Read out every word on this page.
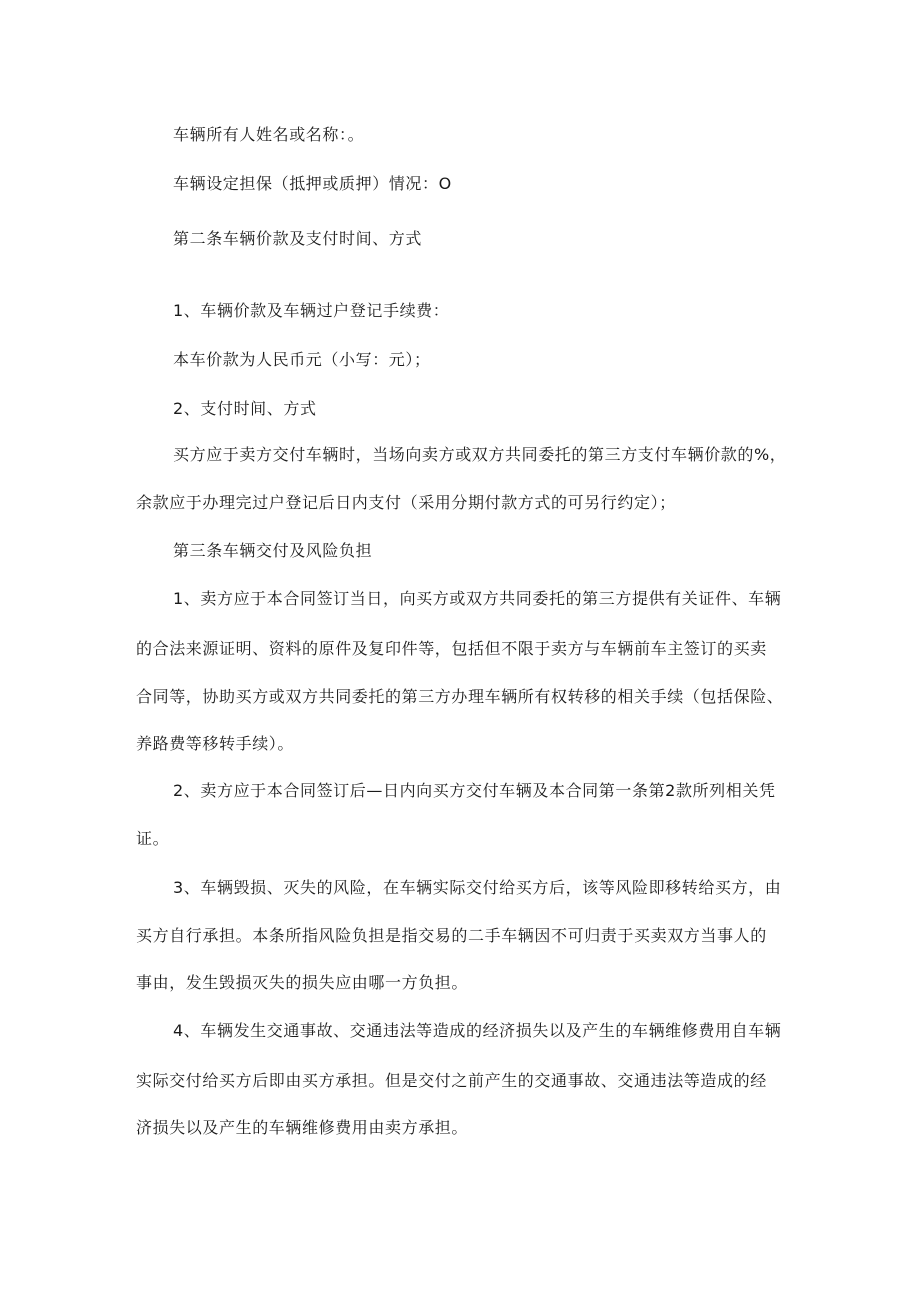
车辆所有人姓名或名称：。
车辆设定担保（抵押或质押）情况：O
第二条车辆价款及支付时间、方式
1、车辆价款及车辆过户登记手续费：
本车价款为人民币元（小写：元）；
2、支付时间、方式
买方应于卖方交付车辆时，当场向卖方或双方共同委托的第三方支付车辆价款的%，
余款应于办理完过户登记后日内支付（采用分期付款方式的可另行约定）；
第三条车辆交付及风险负担
1、卖方应于本合同签订当日，向买方或双方共同委托的第三方提供有关证件、车辆
的合法来源证明、资料的原件及复印件等，包括但不限于卖方与车辆前车主签订的买卖
合同等，协助买方或双方共同委托的第三方办理车辆所有权转移的相关手续（包括保险、
养路费等移转手续）。
2、卖方应于本合同签订后—日内向买方交付车辆及本合同第一条第2款所列相关凭
证。
3、车辆毁损、灭失的风险，在车辆实际交付给买方后，该等风险即移转给买方，由
买方自行承担。本条所指风险负担是指交易的二手车辆因不可归责于买卖双方当事人的
事由，发生毁损灭失的损失应由哪一方负担。
4、车辆发生交通事故、交通违法等造成的经济损失以及产生的车辆维修费用自车辆
实际交付给买方后即由买方承担。但是交付之前产生的交通事故、交通违法等造成的经
济损失以及产生的车辆维修费用由卖方承担。
